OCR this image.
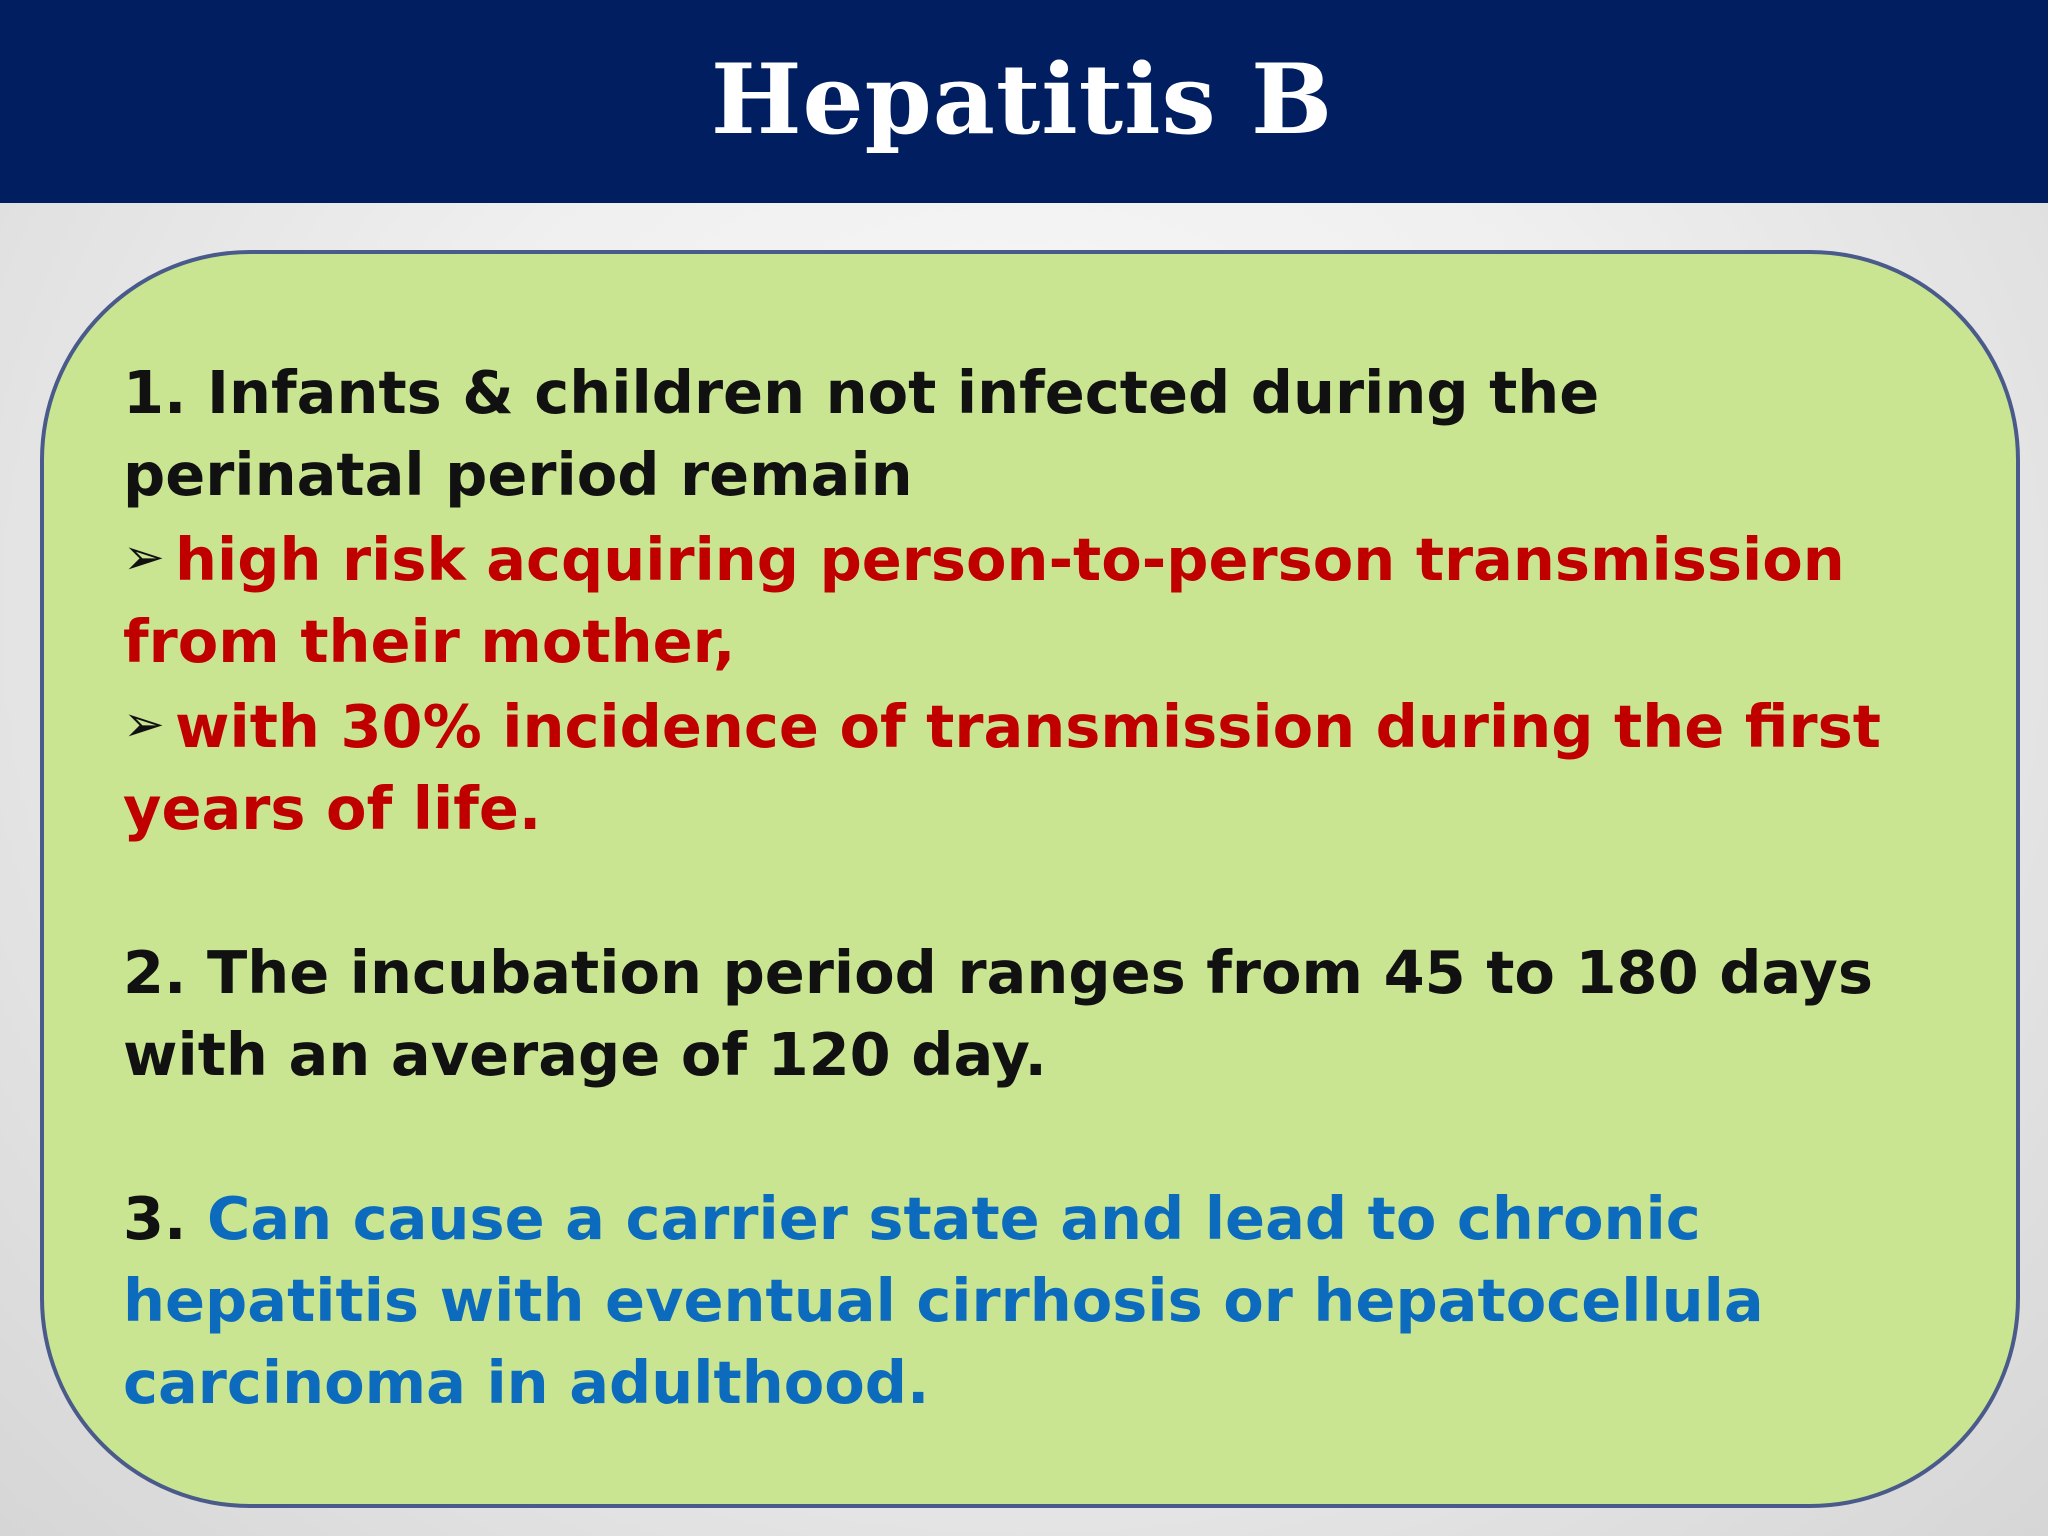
Hepatitis B
1. Infants & children not infected during the
perinatal period remain
➢ high risk acquiring person-to-person transmission
from their mother,
➢ with 30% incidence of transmission during the first
years of life.
2. The incubation period ranges from 45 to 180 days
with an average of 120 day.
3. Can cause a carrier state and lead to chronic
hepatitis with eventual cirrhosis or hepatocellula
carcinoma in adulthood.
